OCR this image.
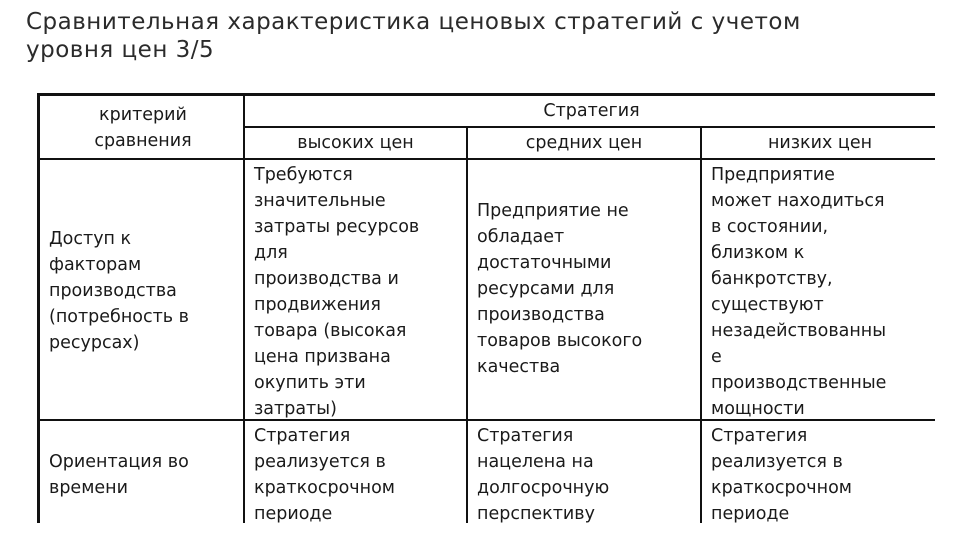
Сравнительная характеристика ценовых стратегий с учетом
уровня цен 3/5
критерий
сравнения
Стратегия
высоких цен	средних цен	низких цен
Доступ к
факторам
производства
(потребность в
ресурсах)
Требуются
значительные
затраты ресурсов
для
производства и
продвижения
товара (высокая
цена призвана
окупить эти
затраты)
Предприятие не
обладает
достаточными
ресурсами для
производства
товаров высокого
качества
Предприятие
может находиться
в состоянии,
близком к
банкротству,
существуют
незадействованны
е
производственные
мощности
Ориентация во
времени
Стратегия
реализуется в
краткосрочном
периоде
Стратегия
нацелена на
долгосрочную
перспективу
Стратегия
реализуется в
краткосрочном
периоде
